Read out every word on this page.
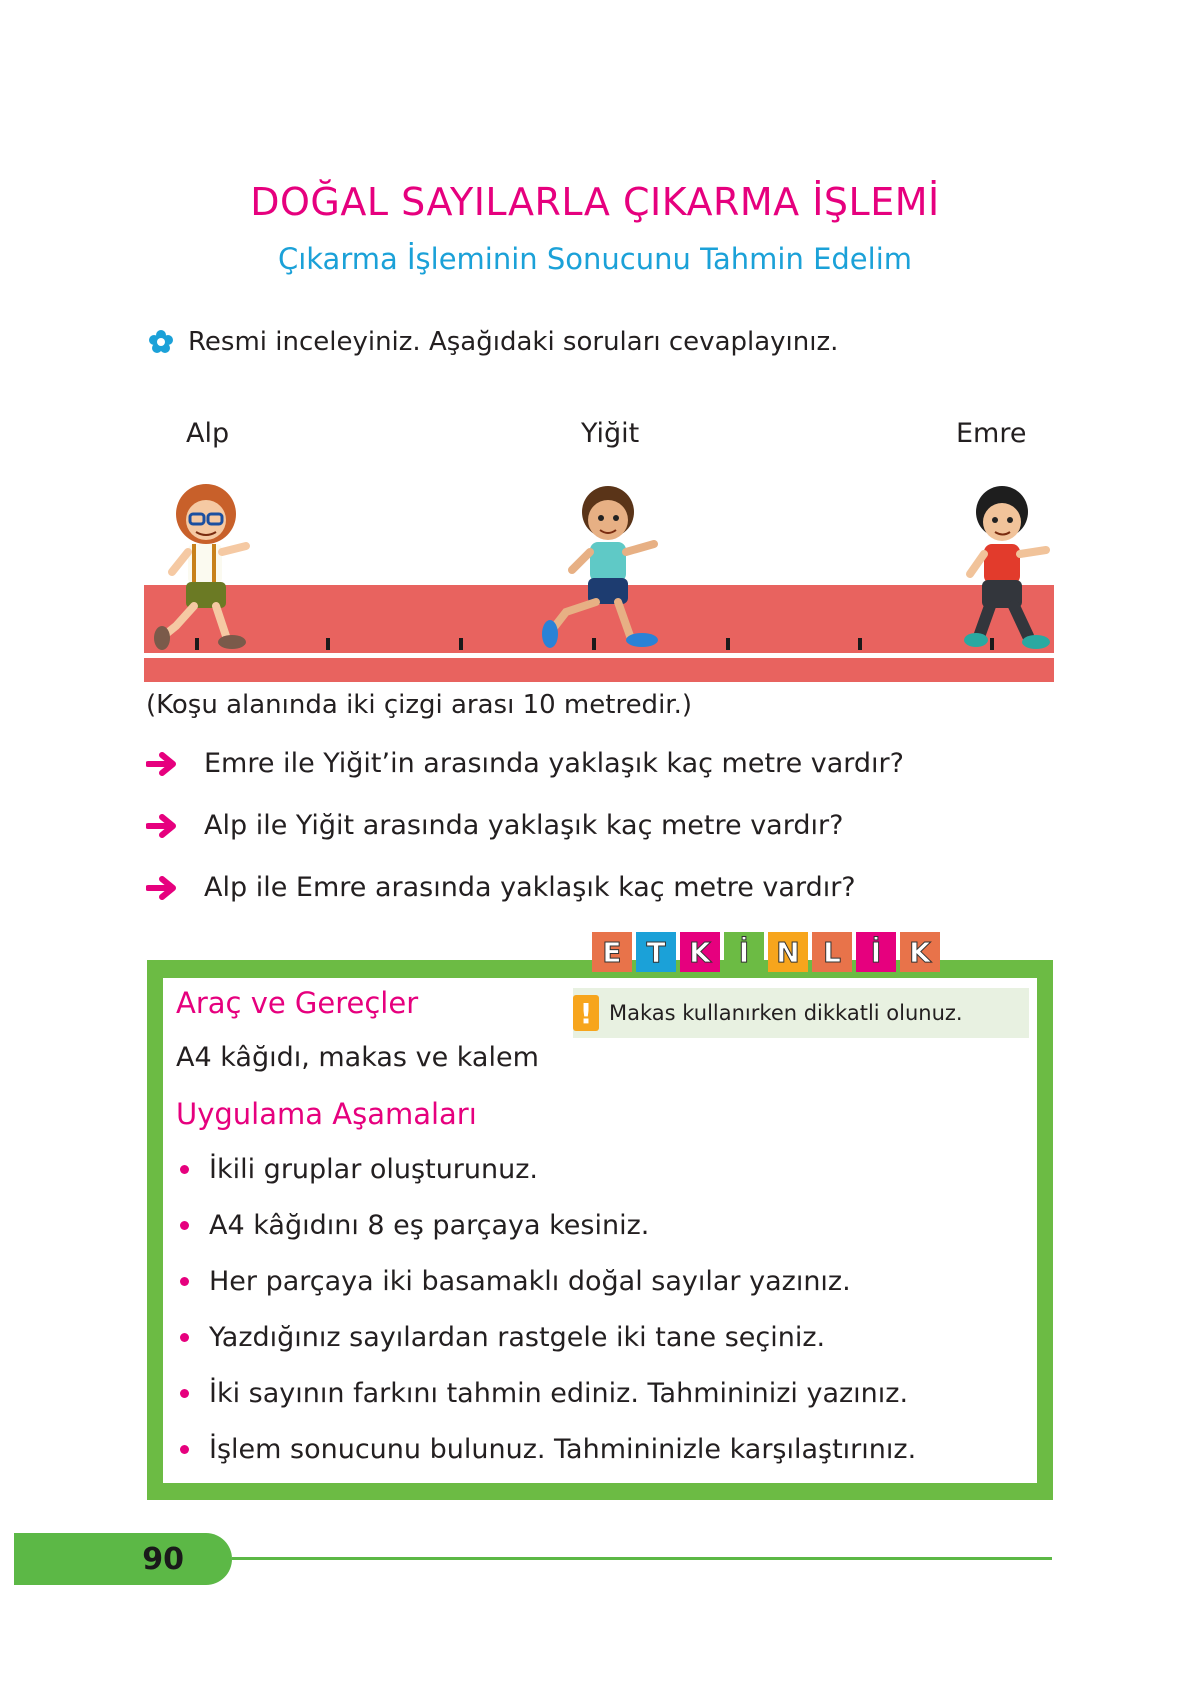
DOĞAL SAYILARLA ÇIKARMA İŞLEMİ
Çıkarma İşleminin Sonucunu Tahmin Edelim
Resmi inceleyiniz. Aşağıdaki soruları cevaplayınız.
Alp	Yiğit	Emre
(Koşu alanında iki çizgi arası 10 metredir.)
Emre ile Yiğit’in arasında yaklaşık kaç metre vardır?
Alp ile Yiğit arasında yaklaşık kaç metre vardır?
Alp ile Emre arasında yaklaşık kaç metre vardır?
E T K İ N L	İ K
! Makas kullanırken dikkatli olunuz.
Araç ve Gereçler
A4 kâğıdı, makas ve kalem
Uygulama Aşamaları
İkili gruplar oluşturunuz.
A4 kâğıdını 8 eş parçaya kesiniz.
Her parçaya iki basamaklı doğal sayılar yazınız.
Yazdığınız sayılardan rastgele iki tane seçiniz.
İki sayının farkını tahmin ediniz. Tahmininizi yazınız.
İşlem sonucunu bulunuz. Tahmininizle karşılaştırınız.
90
